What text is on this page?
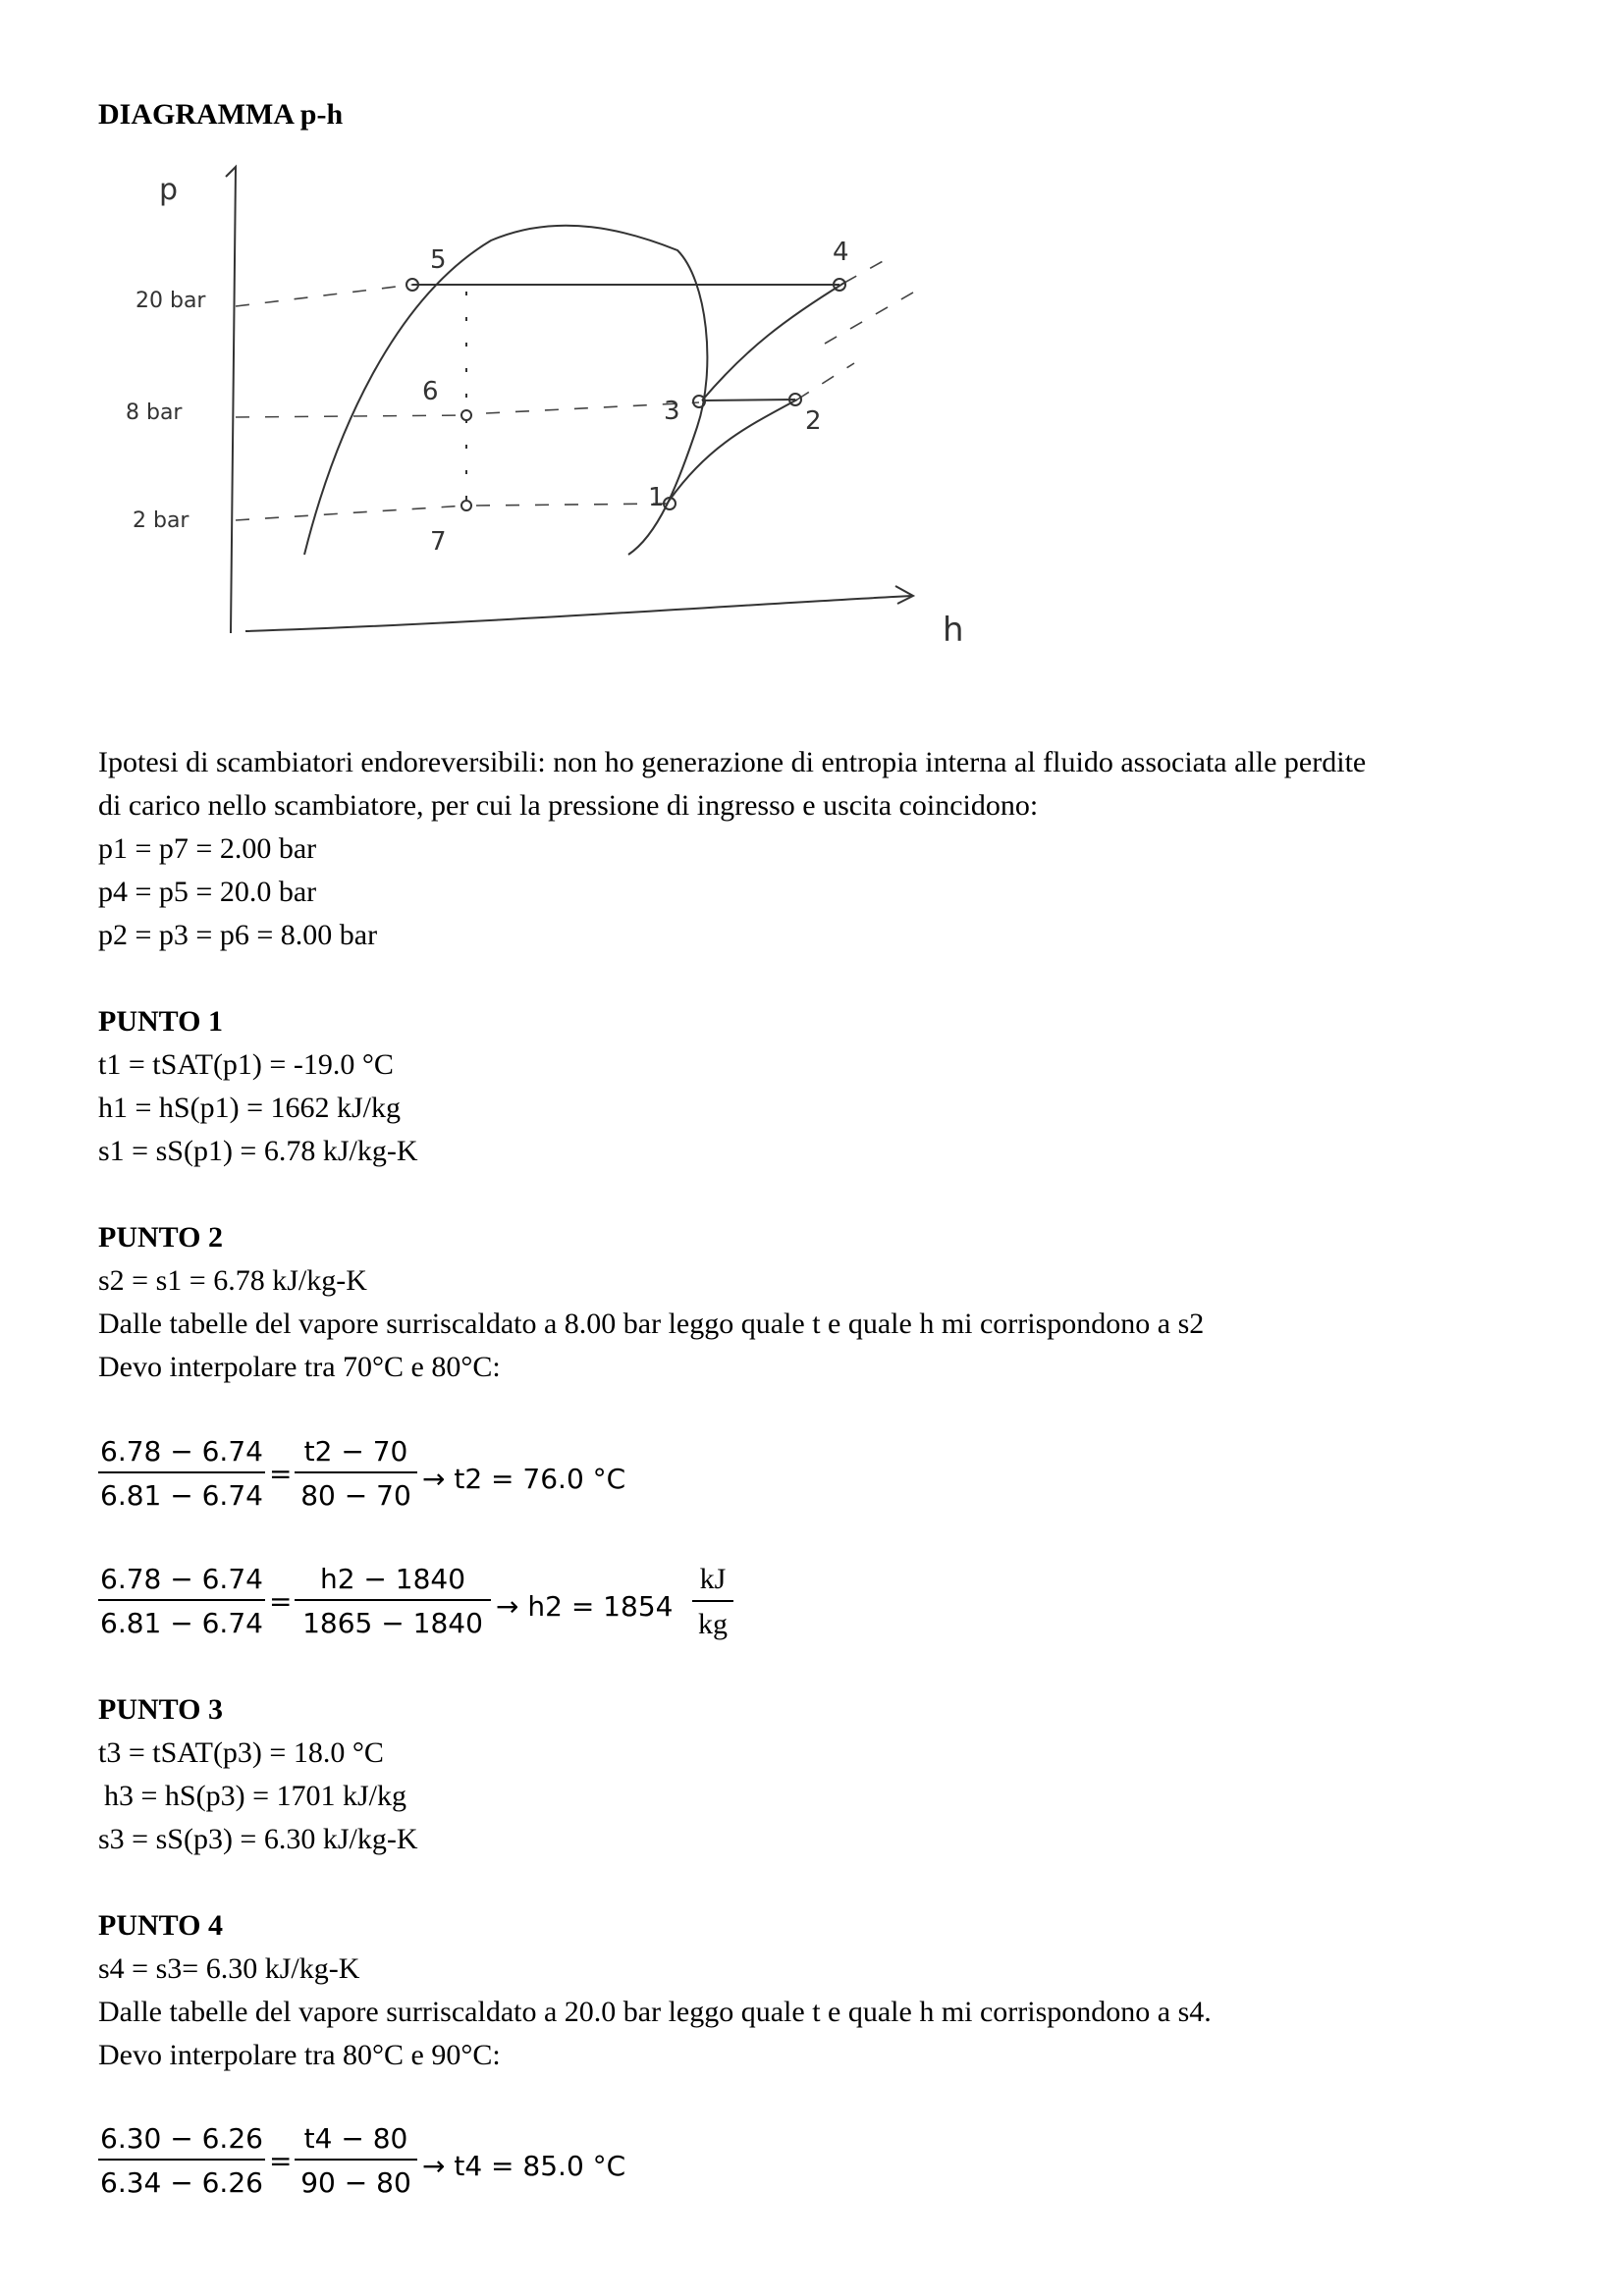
DIAGRAMMA p-h
20 bar
8 bar
2 bar
p
h
1
2
3
4
5
6
7
Ipotesi di scambiatori endoreversibili: non ho generazione di entropia interna al fluido associata alle perdite
di carico nello scambiatore, per cui la pressione di ingresso e uscita coincidono:
p1 = p7 = 2.00 bar
p4 = p5 = 20.0 bar
p2 = p3 = p6 = 8.00 bar
PUNTO 1
t1 = tSAT(p1) = -19.0 °C
h1 = hS(p1) = 1662 kJ/kg
s1 = sS(p1) = 6.78 kJ/kg-K
PUNTO 2
s2 = s1 = 6.78 kJ/kg-K
Dalle tabelle del vapore surriscaldato a 8.00 bar leggo quale t e quale h mi corrispondono a s2
Devo interpolare tra 70°C e 80°C:
6.78 − 6.74
6.81 − 6.74
=
t2 − 70
80 − 70
→ t2 = 76.0 °C
6.78 − 6.74
6.81 − 6.74
=
h2 − 1840
1865 − 1840
→ h2 = 1854
kJ
kg
PUNTO 3
t3 = tSAT(p3) = 18.0 °C
h3 = hS(p3) = 1701 kJ/kg
s3 = sS(p3) = 6.30 kJ/kg-K
PUNTO 4
s4 = s3= 6.30 kJ/kg-K
Dalle tabelle del vapore surriscaldato a 20.0 bar leggo quale t e quale h mi corrispondono a s4.
Devo interpolare tra 80°C e 90°C:
6.30 − 6.26
6.34 − 6.26
=
t4 − 80
90 − 80
→ t4 = 85.0 °C
